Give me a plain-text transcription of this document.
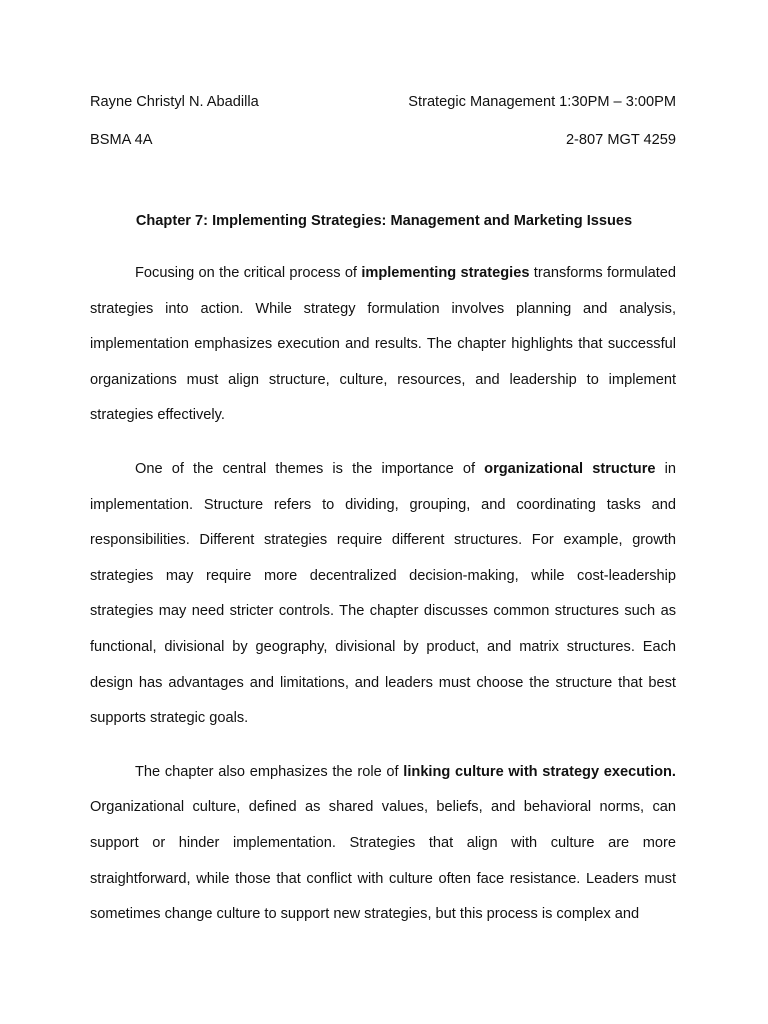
Rayne Christyl N. Abadilla	Strategic Management 1:30PM – 3:00PM
BSMA 4A	2-807 MGT 4259
Chapter 7: Implementing Strategies: Management and Marketing Issues

Focusing on the critical process of implementing strategies transforms formulated strategies into action. While strategy formulation involves planning and analysis, implementation emphasizes execution and results. The chapter highlights that successful organizations must align structure, culture, resources, and leadership to implement strategies effectively.

One of the central themes is the importance of organizational structure in implementation. Structure refers to dividing, grouping, and coordinating tasks and responsibilities. Different strategies require different structures. For example, growth strategies may require more decentralized decision-making, while cost-leadership strategies may need stricter controls. The chapter discusses common structures such as functional, divisional by geography, divisional by product, and matrix structures. Each design has advantages and limitations, and leaders must choose the structure that best supports strategic goals.

The chapter also emphasizes the role of linking culture with strategy execution. Organizational culture, defined as shared values, beliefs, and behavioral norms, can support or hinder implementation. Strategies that align with culture are more straightforward, while those that conflict with culture often face resistance. Leaders must sometimes change culture to support new strategies, but this process is complex and
